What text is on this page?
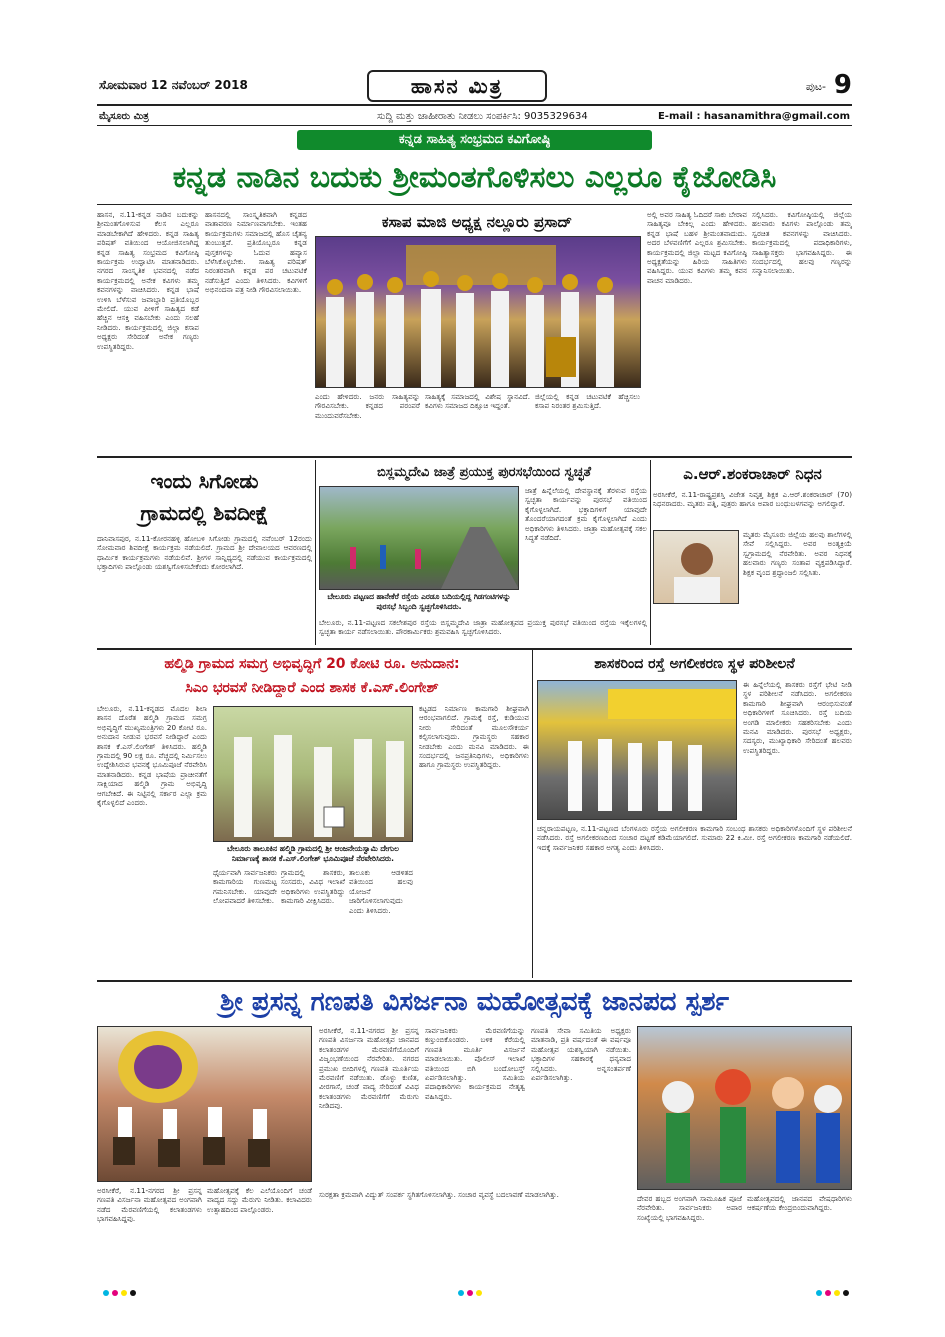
ಸೋಮವಾರ 12 ನವೆಂಬರ್ 2018	ಹಾಸನ ಮಿತ್ರ	ಪುಟ- 9
ಮೈಸೂರು ಮಿತ್ರ	ಸುದ್ದಿ ಮತ್ತು ಜಾಹೀರಾತು ನೀಡಲು ಸಂಪರ್ಕಿಸಿ: 9035329634	E-mail : hasanamithra@gmail.com
ಕನ್ನಡ ಸಾಹಿತ್ಯ ಸಂಭ್ರಮದ ಕವಿಗೋಷ್ಠಿ
ಕನ್ನಡ ನಾಡಿನ ಬದುಕು ಶ್ರೀಮಂತಗೊಳಿಸಲು ಎಲ್ಲರೂ ಕೈಜೋಡಿಸಿ
ಹಾಸನ, ನ.11-ಕನ್ನಡ ನಾಡಿನ ಬದುಕನ್ನು ಶ್ರೀಮಂತಗೊಳಿಸುವ ಕೆಲಸ ಎಲ್ಲರೂ ಮಾಡಬೇಕಾಗಿದೆ ಹೇಳಿದರು. ಕನ್ನಡ ಸಾಹಿತ್ಯ ಪರಿಷತ್ ವತಿಯಿಂದ ಆಯೋಜಿಸಲಾಗಿದ್ದ ಕನ್ನಡ ಸಾಹಿತ್ಯ ಸಂಭ್ರಮದ ಕವಿಗೋಷ್ಠಿ ಕಾರ್ಯಕ್ರಮ ಉದ್ಘಾಟಿಸಿ ಮಾತನಾಡಿದರು. ನಗರದ ಸಾಂಸ್ಕೃತಿಕ ಭವನದಲ್ಲಿ ನಡೆದ ಕಾರ್ಯಕ್ರಮದಲ್ಲಿ ಅನೇಕ ಕವಿಗಳು ತಮ್ಮ ಕವನಗಳನ್ನು ವಾಚಿಸಿದರು. ಕನ್ನಡ ಭಾಷೆ ಉಳಿಸಿ ಬೆಳೆಸುವ ಜವಾಬ್ದಾರಿ ಪ್ರತಿಯೊಬ್ಬರ ಮೇಲಿದೆ. ಯುವ ಪೀಳಿಗೆ ಸಾಹಿತ್ಯದ ಕಡೆ ಹೆಚ್ಚಿನ ಆಸಕ್ತಿ ವಹಿಸಬೇಕು ಎಂದು ಸಲಹೆ ನೀಡಿದರು. ಕಾರ್ಯಕ್ರಮದಲ್ಲಿ ಜಿಲ್ಲಾ ಕಸಾಪ ಅಧ್ಯಕ್ಷರು ಸೇರಿದಂತೆ ಅನೇಕ ಗಣ್ಯರು ಉಪಸ್ಥಿತರಿದ್ದರು.
ಹಾಸನದಲ್ಲಿ ಸಾಂಸ್ಕೃತಿಕವಾಗಿ ಕನ್ನಡದ ವಾತಾವರಣ ನಿರ್ಮಾಣವಾಗಬೇಕು. ಇಂತಹ ಕಾರ್ಯಕ್ರಮಗಳು ಸಮಾಜದಲ್ಲಿ ಹೊಸ ಚೈತನ್ಯ ತುಂಬುತ್ತವೆ. ಪ್ರತಿಯೊಬ್ಬರೂ ಕನ್ನಡ ಪುಸ್ತಕಗಳನ್ನು ಓದುವ ಹವ್ಯಾಸ ಬೆಳೆಸಿಕೊಳ್ಳಬೇಕು. ಸಾಹಿತ್ಯ ಪರಿಷತ್ ನಿರಂತರವಾಗಿ ಕನ್ನಡ ಪರ ಚಟುವಟಿಕೆ ನಡೆಸುತ್ತಿದೆ ಎಂದು ತಿಳಿಸಿದರು. ಕವಿಗಳಿಗೆ ಅಭಿನಂದನಾ ಪತ್ರ ನೀಡಿ ಗೌರವಿಸಲಾಯಿತು.
ಕಸಾಪ ಮಾಜಿ ಅಧ್ಯಕ್ಷ ನಲ್ಲೂರು ಪ್ರಸಾದ್
ಎಂದು ಹೇಳಿದರು. ಜನರು ಸಾಹಿತ್ಯವನ್ನು ಗೌರವಿಸಬೇಕು. ಕನ್ನಡದ ಪರಂಪರೆ ಮುಂದುವರೆಸಬೇಕು.
ಸಾಹಿತ್ಯಕ್ಕೆ ಸಮಾಜದಲ್ಲಿ ವಿಶೇಷ ಸ್ಥಾನವಿದೆ. ಕವಿಗಳು ಸಮಾಜದ ದಿಕ್ಸೂಚಿ ಇದ್ದಂತೆ.
ಜಿಲ್ಲೆಯಲ್ಲಿ ಕನ್ನಡ ಚಟುವಟಿಕೆ ಹೆಚ್ಚಿಸಲು ಕಸಾಪ ನಿರಂತರ ಶ್ರಮಿಸುತ್ತಿದೆ.
ಅಲ್ಲಿ ಅವರ ಸಾಹಿತ್ಯ ಓದಿದರೆ ಸಾಕು ಬೇರಾವ ಸಾಹಿತ್ಯವೂ ಬೇಕಿಲ್ಲ ಎಂದು ಹೇಳಿದರು. ಕನ್ನಡ ಭಾಷೆ ಬಹಳ ಶ್ರೀಮಂತವಾದುದು. ಅದರ ಬೆಳವಣಿಗೆಗೆ ಎಲ್ಲರೂ ಶ್ರಮಿಸಬೇಕು. ಕಾರ್ಯಕ್ರಮದಲ್ಲಿ ಜಿಲ್ಲಾ ಮಟ್ಟದ ಕವಿಗೋಷ್ಠಿ ಅಧ್ಯಕ್ಷತೆಯನ್ನು ಹಿರಿಯ ಸಾಹಿತಿಗಳು ವಹಿಸಿದ್ದರು. ಯುವ ಕವಿಗಳು ತಮ್ಮ ಕವನ ವಾಚನ ಮಾಡಿದರು.
ಸಲ್ಲಿಸಿದರು. ಕವಿಗೋಷ್ಠಿಯಲ್ಲಿ ಜಿಲ್ಲೆಯ ಹಲವಾರು ಕವಿಗಳು ಪಾಲ್ಗೊಂಡು ತಮ್ಮ ಸ್ವರಚಿತ ಕವನಗಳನ್ನು ವಾಚಿಸಿದರು. ಕಾರ್ಯಕ್ರಮದಲ್ಲಿ ಪದಾಧಿಕಾರಿಗಳು, ಸಾಹಿತ್ಯಾಸಕ್ತರು ಭಾಗವಹಿಸಿದ್ದರು. ಈ ಸಂದರ್ಭದಲ್ಲಿ ಹಲವು ಗಣ್ಯರನ್ನು ಸನ್ಮಾನಿಸಲಾಯಿತು.
ಇಂದು ಸಿಗೋಡು
ಗ್ರಾಮದಲ್ಲಿ ಶಿವದೀಕ್ಷೆ
ದಾನಿವಾಸಪುರ, ನ.11-ಕೋರನಹಳ್ಳಿ ಹೋಬಳಿ ಸಿಗೋಡು ಗ್ರಾಮದಲ್ಲಿ ನವೆಂಬರ್ 12ರಂದು ಸೋಮವಾರ ಶಿವದೀಕ್ಷೆ ಕಾರ್ಯಕ್ರಮ ನಡೆಯಲಿದೆ. ಗ್ರಾಮದ ಶ್ರೀ ದೇವಾಲಯದ ಆವರಣದಲ್ಲಿ ಧಾರ್ಮಿಕ ಕಾರ್ಯಕ್ರಮಗಳು ನಡೆಯಲಿವೆ. ಶ್ರೀಗಳ ಸಾನ್ನಿಧ್ಯದಲ್ಲಿ ನಡೆಯುವ ಕಾರ್ಯಕ್ರಮದಲ್ಲಿ ಭಕ್ತಾದಿಗಳು ಪಾಲ್ಗೊಂಡು ಯಶಸ್ವಿಗೊಳಿಸಬೇಕೆಂದು ಕೋರಲಾಗಿದೆ.
ಬಿಸ್ಲಮ್ಮದೇವಿ ಜಾತ್ರೆ ಪ್ರಯುಕ್ತ ಪುರಸಭೆಯಿಂದ ಸ್ವಚ್ಛತೆ
ಬೇಲೂರು ಪಟ್ಟಣದ ಹಾನೇಕೆರೆ ರಸ್ತೆಯ ಎರಡೂ ಬದಿಯಲ್ಲಿದ್ದ ಗಿಡಗಂಟಿಗಳನ್ನು ಪುರಸಭೆ ಸಿಬ್ಬಂದಿ ಸ್ವಚ್ಛಗೊಳಿಸಿದರು.
ಜಾತ್ರೆ ಹಿನ್ನೆಲೆಯಲ್ಲಿ ದೇವಸ್ಥಾನಕ್ಕೆ ತೆರಳುವ ರಸ್ತೆಯ ಸ್ವಚ್ಛತಾ ಕಾರ್ಯವನ್ನು ಪುರಸಭೆ ವತಿಯಿಂದ ಕೈಗೊಳ್ಳಲಾಗಿದೆ. ಭಕ್ತಾದಿಗಳಿಗೆ ಯಾವುದೇ ತೊಂದರೆಯಾಗದಂತೆ ಕ್ರಮ ಕೈಗೊಳ್ಳಲಾಗಿದೆ ಎಂದು ಅಧಿಕಾರಿಗಳು ತಿಳಿಸಿದರು. ಜಾತ್ರಾ ಮಹೋತ್ಸವಕ್ಕೆ ಸಕಲ ಸಿದ್ಧತೆ ನಡೆದಿದೆ.
ಬೇಲೂರು, ನ.11-ಪಟ್ಟಣದ ಸಕಲೇಶಪುರ ರಸ್ತೆಯ ಬಿಸ್ಲಮ್ಮದೇವಿ ಜಾತ್ರಾ ಮಹೋತ್ಸವದ ಪ್ರಯುಕ್ತ ಪುರಸಭೆ ವತಿಯಿಂದ ರಸ್ತೆಯ ಇಕ್ಕೆಲಗಳಲ್ಲಿ ಸ್ವಚ್ಛತಾ ಕಾರ್ಯ ನಡೆಸಲಾಯಿತು. ಪೌರಕಾರ್ಮಿಕರು ಶ್ರಮವಹಿಸಿ ಸ್ವಚ್ಛಗೊಳಿಸಿದರು.
ಎ.ಆರ್.ಶಂಕರಾಚಾರ್ ನಿಧನ
ಅರಸೀಕೆರೆ, ನ.11-ರಾಷ್ಟ್ರಪ್ರಶಸ್ತಿ ವಿಜೇತ ನಿವೃತ್ತ ಶಿಕ್ಷಕ ಎ.ಆರ್.ಶಂಕರಾಚಾರ್ (70) ನಿಧನರಾದರು. ಮೃತರು ಪತ್ನಿ, ಪುತ್ರರು ಹಾಗೂ ಅಪಾರ ಬಂಧುಬಳಗವನ್ನು ಅಗಲಿದ್ದಾರೆ.
ಮೃತರು ಮೈಸೂರು ಜಿಲ್ಲೆಯ ಹಲವು ಶಾಲೆಗಳಲ್ಲಿ ಸೇವೆ ಸಲ್ಲಿಸಿದ್ದರು. ಅವರ ಅಂತ್ಯಕ್ರಿಯೆ ಸ್ವಗ್ರಾಮದಲ್ಲಿ ನೆರವೇರಿತು. ಅವರ ನಿಧನಕ್ಕೆ ಹಲವಾರು ಗಣ್ಯರು ಸಂತಾಪ ವ್ಯಕ್ತಪಡಿಸಿದ್ದಾರೆ. ಶಿಕ್ಷಕ ವೃಂದ ಶ್ರದ್ಧಾಂಜಲಿ ಸಲ್ಲಿಸಿತು.
ಹಲ್ಮಿಡಿ ಗ್ರಾಮದ ಸಮಗ್ರ ಅಭಿವೃದ್ಧಿಗೆ 20 ಕೋಟಿ ರೂ. ಅನುದಾನ:
ಸಿಎಂ ಭರವಸೆ ನೀಡಿದ್ದಾರೆ ಎಂದ ಶಾಸಕ ಕೆ.ಎಸ್.ಲಿಂಗೇಶ್
ಬೇಲೂರು, ನ.11-ಕನ್ನಡದ ಮೊದಲ ಶಿಲಾ ಶಾಸನ ದೊರೆತ ಹಲ್ಮಿಡಿ ಗ್ರಾಮದ ಸಮಗ್ರ ಅಭಿವೃದ್ಧಿಗೆ ಮುಖ್ಯಮಂತ್ರಿಗಳು 20 ಕೋಟಿ ರೂ. ಅನುದಾನ ನೀಡುವ ಭರವಸೆ ನೀಡಿದ್ದಾರೆ ಎಂದು ಶಾಸಕ ಕೆ.ಎಸ್.ಲಿಂಗೇಶ್ ತಿಳಿಸಿದರು. ಹಲ್ಮಿಡಿ ಗ್ರಾಮದಲ್ಲಿ 90 ಲಕ್ಷ ರೂ. ವೆಚ್ಚದಲ್ಲಿ ನಿರ್ಮಿಸಲು ಉದ್ದೇಶಿಸಿರುವ ಭವನಕ್ಕೆ ಭೂಮಿಪೂಜೆ ನೆರವೇರಿಸಿ ಮಾತನಾಡಿದರು. ಕನ್ನಡ ಭಾಷೆಯ ಪ್ರಾಚೀನತೆಗೆ ಸಾಕ್ಷಿಯಾದ ಹಲ್ಮಿಡಿ ಗ್ರಾಮ ಅಭಿವೃದ್ಧಿ ಆಗಬೇಕಿದೆ. ಈ ನಿಟ್ಟಿನಲ್ಲಿ ಸರ್ಕಾರ ಎಲ್ಲಾ ಕ್ರಮ ಕೈಗೊಳ್ಳಲಿದೆ ಎಂದರು.
ಬೇಲೂರು ತಾಲೂಕಿನ ಹಲ್ಮಿಡಿ ಗ್ರಾಮದಲ್ಲಿ ಶ್ರೀ ಆಂಜನೇಯಸ್ವಾಮಿ ದೇಗುಲ ನಿರ್ಮಾಣಕ್ಕೆ ಶಾಸಕ ಕೆ.ಎಸ್.ಲಿಂಗೇಶ್ ಭೂಮಿಪೂಜೆ ನೆರವೇರಿಸಿದರು.
ಧೈರ್ಯವಾಗಿ ಸಾರ್ವಜನಿಕರು ಕಾಮಗಾರಿಯ ಗುಣಮಟ್ಟ ಗಮನಿಸಬೇಕು. ಯಾವುದೇ ಲೋಪವಾದರೆ ತಿಳಿಸಬೇಕು.
ಗ್ರಾಮದಲ್ಲಿ ಶಾಸಕರು, ಸಂಸದರು, ವಿವಿಧ ಇಲಾಖೆ ಅಧಿಕಾರಿಗಳು ಉಪಸ್ಥಿತರಿದ್ದು ಕಾಮಗಾರಿ ವೀಕ್ಷಿಸಿದರು.
ತಾಲೂಕು ಆಡಳಿತದ ವತಿಯಿಂದ ಹಲವು ಯೋಜನೆ ಜಾರಿಗೊಳಿಸಲಾಗುವುದು ಎಂದು ತಿಳಿಸಿದರು.
ಕಟ್ಟಡದ ನಿರ್ಮಾಣ ಕಾಮಗಾರಿ ಶೀಘ್ರವಾಗಿ ಆರಂಭವಾಗಲಿದೆ. ಗ್ರಾಮಕ್ಕೆ ರಸ್ತೆ, ಕುಡಿಯುವ ನೀರು ಸೇರಿದಂತೆ ಮೂಲಸೌಕರ್ಯ ಕಲ್ಪಿಸಲಾಗುವುದು. ಗ್ರಾಮಸ್ಥರು ಸಹಕಾರ ನೀಡಬೇಕು ಎಂದು ಮನವಿ ಮಾಡಿದರು. ಈ ಸಂದರ್ಭದಲ್ಲಿ ಜನಪ್ರತಿನಿಧಿಗಳು, ಅಧಿಕಾರಿಗಳು ಹಾಗೂ ಗ್ರಾಮಸ್ಥರು ಉಪಸ್ಥಿತರಿದ್ದರು.
ಶಾಸಕರಿಂದ ರಸ್ತೆ ಅಗಲೀಕರಣ ಸ್ಥಳ ಪರಿಶೀಲನೆ
ಈ ಹಿನ್ನೆಲೆಯಲ್ಲಿ ಶಾಸಕರು ರಸ್ತೆಗೆ ಭೇಟಿ ನೀಡಿ ಸ್ಥಳ ಪರಿಶೀಲನೆ ನಡೆಸಿದರು. ಅಗಲೀಕರಣ ಕಾಮಗಾರಿ ಶೀಘ್ರವಾಗಿ ಆರಂಭಿಸುವಂತೆ ಅಧಿಕಾರಿಗಳಿಗೆ ಸೂಚಿಸಿದರು. ರಸ್ತೆ ಬದಿಯ ಅಂಗಡಿ ಮಾಲೀಕರು ಸಹಕರಿಸಬೇಕು ಎಂದು ಮನವಿ ಮಾಡಿದರು. ಪುರಸಭೆ ಅಧ್ಯಕ್ಷರು, ಸದಸ್ಯರು, ಮುಖ್ಯಾಧಿಕಾರಿ ಸೇರಿದಂತೆ ಹಲವರು ಉಪಸ್ಥಿತರಿದ್ದರು.
ಚನ್ನರಾಯಪಟ್ಟಣ, ನ.11-ಪಟ್ಟಣದ ಬೆಂಗಳೂರು ರಸ್ತೆಯ ಅಗಲೀಕರಣ ಕಾಮಗಾರಿ ಸಂಬಂಧ ಶಾಸಕರು ಅಧಿಕಾರಿಗಳೊಂದಿಗೆ ಸ್ಥಳ ಪರಿಶೀಲನೆ ನಡೆಸಿದರು. ರಸ್ತೆ ಅಗಲೀಕರಣದಿಂದ ಸಂಚಾರ ದಟ್ಟಣೆ ಕಡಿಮೆಯಾಗಲಿದೆ. ಸುಮಾರು 22 ಕಿ.ಮೀ. ರಸ್ತೆ ಅಗಲೀಕರಣ ಕಾಮಗಾರಿ ನಡೆಯಲಿದೆ. ಇದಕ್ಕೆ ಸಾರ್ವಜನಿಕರ ಸಹಕಾರ ಅಗತ್ಯ ಎಂದು ತಿಳಿಸಿದರು.
ಶ್ರೀ ಪ್ರಸನ್ನ ಗಣಪತಿ ವಿಸರ್ಜನಾ ಮಹೋತ್ಸವಕ್ಕೆ ಜಾನಪದ ಸ್ಪರ್ಶ
ಅರಸೀಕೆರೆ, ನ.11-ನಗರದ ಶ್ರೀ ಪ್ರಸನ್ನ ಗಣಪತಿ ವಿಸರ್ಜನಾ ಮಹೋತ್ಸವದ ಅಂಗವಾಗಿ ನಡೆದ ಮೆರವಣಿಗೆಯಲ್ಲಿ ಕಲಾತಂಡಗಳು ಭಾಗವಹಿಸಿದ್ದವು.
ಮಹೋತ್ಸವಕ್ಕೆ ಕೆಲ ಎಲೆಯೊಂದಿಗೆ ಚಂಡೆ ವಾದ್ಯದ ಸದ್ದು ಮೆರುಗು ನೀಡಿತು. ಕಲಾವಿದರು ಉತ್ಸಾಹದಿಂದ ಪಾಲ್ಗೊಂಡರು.
ಅರಸೀಕೆರೆ, ನ.11-ನಗರದ ಶ್ರೀ ಪ್ರಸನ್ನ ಗಣಪತಿ ವಿಸರ್ಜನಾ ಮಹೋತ್ಸವ ಜಾನಪದ ಕಲಾತಂಡಗಳ ಮೆರವಣಿಗೆಯೊಂದಿಗೆ ವಿಜೃಂಭಣೆಯಿಂದ ನೆರವೇರಿತು. ನಗರದ ಪ್ರಮುಖ ಬೀದಿಗಳಲ್ಲಿ ಗಣಪತಿ ಮೂರ್ತಿಯ ಮೆರವಣಿಗೆ ನಡೆಯಿತು. ಡೊಳ್ಳು ಕುಣಿತ, ವೀರಗಾಸೆ, ಚಂಡೆ ವಾದ್ಯ ಸೇರಿದಂತೆ ವಿವಿಧ ಕಲಾತಂಡಗಳು ಮೆರವಣಿಗೆಗೆ ಮೆರುಗು ನೀಡಿದವು.
ಸಾರ್ವಜನಿಕರು ಮೆರವಣಿಗೆಯನ್ನು ಕಣ್ತುಂಬಿಕೊಂಡರು. ಬಳಿಕ ಕೆರೆಯಲ್ಲಿ ಗಣಪತಿ ಮೂರ್ತಿ ವಿಸರ್ಜನೆ ಮಾಡಲಾಯಿತು. ಪೊಲೀಸ್ ಇಲಾಖೆ ವತಿಯಿಂದ ಬಿಗಿ ಬಂದೋಬಸ್ತ್ ಏರ್ಪಡಿಸಲಾಗಿತ್ತು. ಸಮಿತಿಯ ಪದಾಧಿಕಾರಿಗಳು ಕಾರ್ಯಕ್ರಮದ ನೇತೃತ್ವ ವಹಿಸಿದ್ದರು.
ಗಣಪತಿ ಸೇವಾ ಸಮಿತಿಯ ಅಧ್ಯಕ್ಷರು ಮಾತನಾಡಿ, ಪ್ರತಿ ವರ್ಷದಂತೆ ಈ ವರ್ಷವೂ ಮಹೋತ್ಸವ ಯಶಸ್ವಿಯಾಗಿ ನಡೆಯಿತು. ಭಕ್ತಾದಿಗಳ ಸಹಕಾರಕ್ಕೆ ಧನ್ಯವಾದ ಸಲ್ಲಿಸಿದರು. ಅನ್ನಸಂತರ್ಪಣೆ ಏರ್ಪಡಿಸಲಾಗಿತ್ತು.
ಸುರಕ್ಷತಾ ಕ್ರಮವಾಗಿ ವಿದ್ಯುತ್ ಸಂಪರ್ಕ ಸ್ಥಗಿತಗೊಳಿಸಲಾಗಿತ್ತು. ಸಂಚಾರ ವ್ಯವಸ್ಥೆ ಬದಲಾವಣೆ ಮಾಡಲಾಗಿತ್ತು.	ದೇವರ ಹಬ್ಬದ ಅಂಗವಾಗಿ ಸಾಮೂಹಿಕ ಪೂಜೆ ನೆರವೇರಿತು. ಸಾರ್ವಜನಿಕರು ಅಪಾರ ಸಂಖ್ಯೆಯಲ್ಲಿ ಭಾಗವಹಿಸಿದ್ದರು.
ಮಹೋತ್ಸವದಲ್ಲಿ ಜಾನಪದ ವೇಷಧಾರಿಗಳು ಆಕರ್ಷಣೆಯ ಕೇಂದ್ರಬಿಂದುವಾಗಿದ್ದರು.
